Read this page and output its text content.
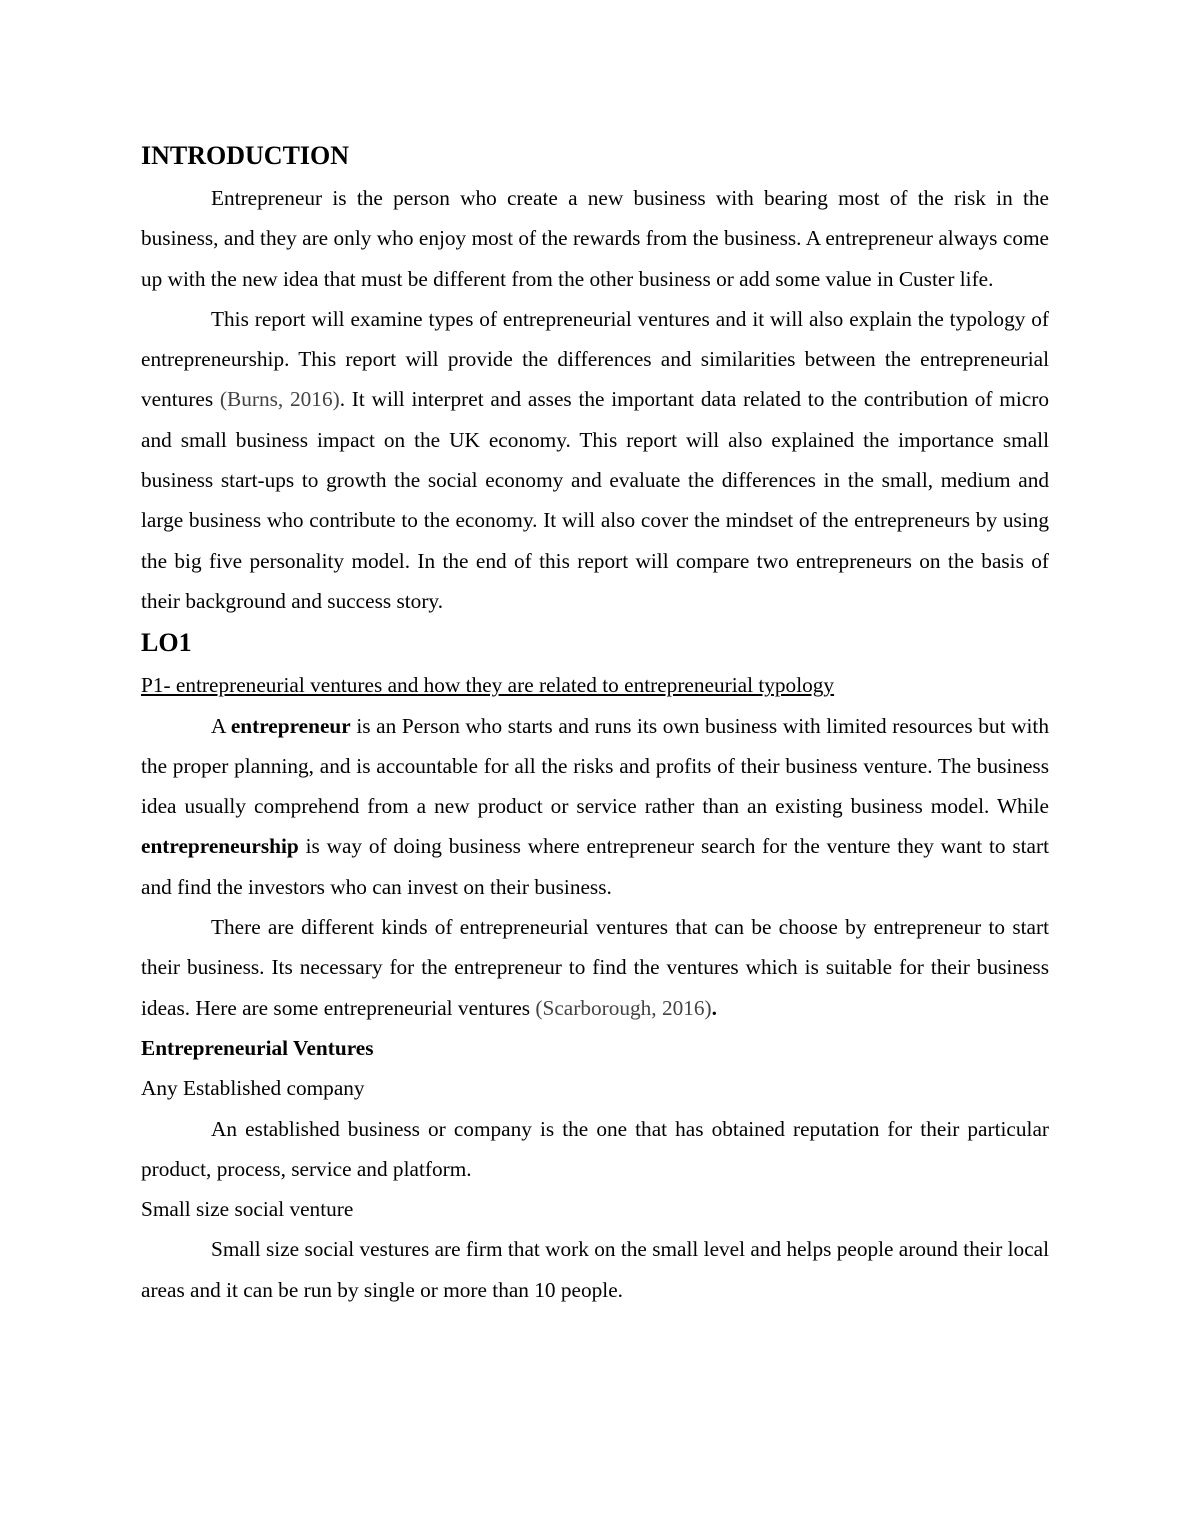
INTRODUCTION

Entrepreneur is the person who create a new business with bearing most of the risk in the business, and they are only who enjoy most of the rewards from the business. A entrepreneur always come up with the new idea that must be different from the other business or add some value in Custer life.

This report will examine types of entrepreneurial ventures and it will also explain the typology of entrepreneurship. This report will provide the differences and similarities between the entrepreneurial ventures (Burns, 2016). It will interpret and asses the important data related to the contribution of micro and small business impact on the UK economy. This report will also explained the importance small business start-ups to growth the social economy and evaluate the differences in the small, medium and large business who contribute to the economy. It will also cover the mindset of the entrepreneurs by using the big five personality model. In the end of this report will compare two entrepreneurs on the basis of their background and success story.

LO1
P1- entrepreneurial ventures and how they are related to entrepreneurial typology

A entrepreneur is an Person who starts and runs its own business with limited resources but with the proper planning, and is accountable for all the risks and profits of their business venture. The business idea usually comprehend from a new product or service rather than an existing business model. While entrepreneurship is way of doing business where entrepreneur search for the venture they want to start and find the investors who can invest on their business.

There are different kinds of entrepreneurial ventures that can be choose by entrepreneur to start their business. Its necessary for the entrepreneur to find the ventures which is suitable for their business ideas. Here are some entrepreneurial ventures (Scarborough, 2016).

Entrepreneurial Ventures
Any Established company

An established business or company is the one that has obtained reputation for their particular product, process, service and platform.

Small size social venture

Small size social vestures are firm that work on the small level and helps people around their local areas and it can be run by single or more than 10 people.
